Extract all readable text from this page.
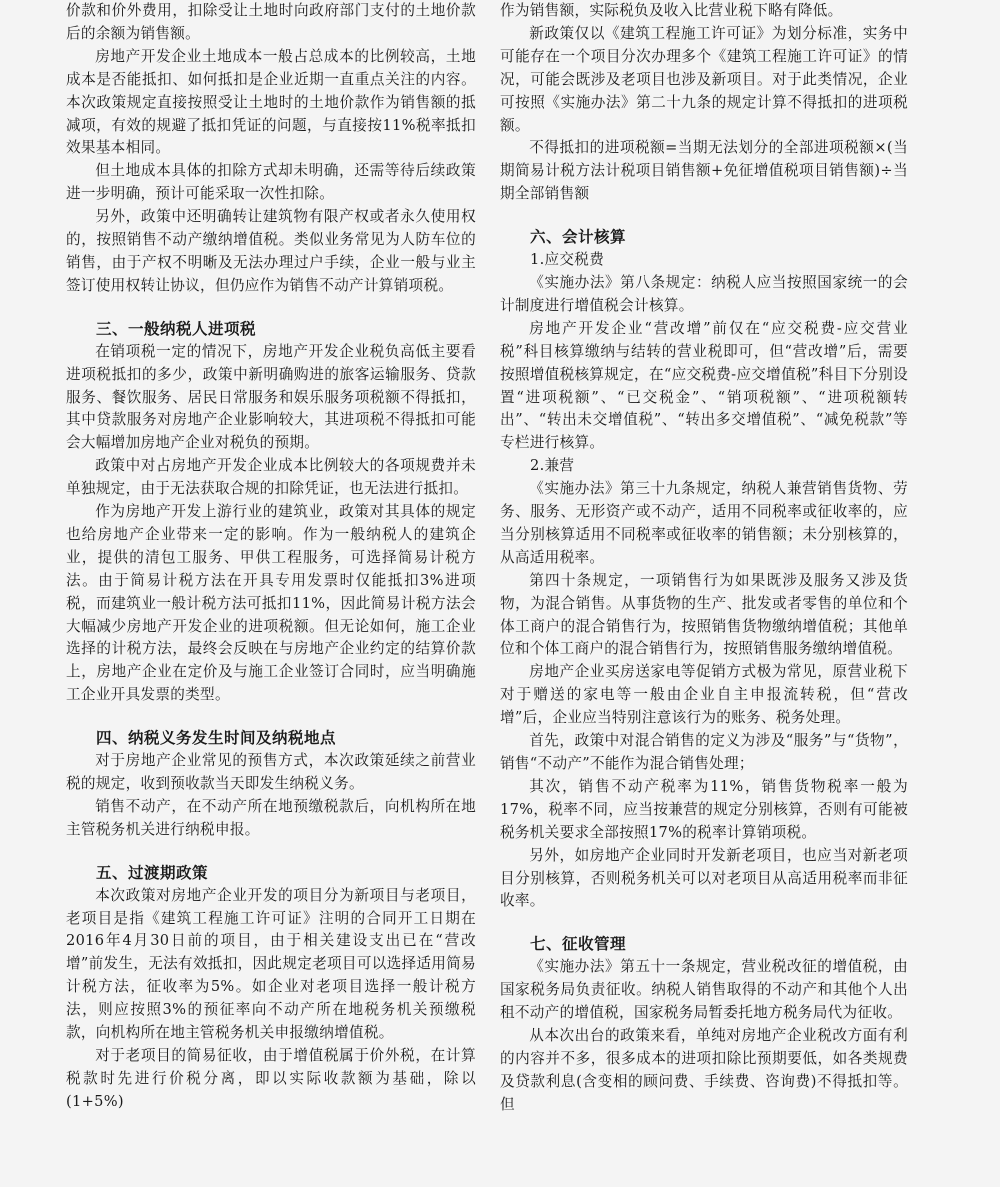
价款和价外费用，扣除受让土地时向政府部门支付的土地价款后的余额为销售额。

房地产开发企业土地成本一般占总成本的比例较高，土地成本是否能抵扣、如何抵扣是企业近期一直重点关注的内容。本次政策规定直接按照受让土地时的土地价款作为销售额的抵减项，有效的规避了抵扣凭证的问题，与直接按11%税率抵扣效果基本相同。

但土地成本具体的扣除方式却未明确，还需等待后续政策进一步明确，预计可能采取一次性扣除。

另外，政策中还明确转让建筑物有限产权或者永久使用权的，按照销售不动产缴纳增值税。类似业务常见为人防车位的销售，由于产权不明晰及无法办理过户手续，企业一般与业主签订使用权转让协议，但仍应作为销售不动产计算销项税。

三、一般纳税人进项税

在销项税一定的情况下，房地产开发企业税负高低主要看进项税抵扣的多少，政策中新明确购进的旅客运输服务、贷款服务、餐饮服务、居民日常服务和娱乐服务项税额不得抵扣，其中贷款服务对房地产企业影响较大，其进项税不得抵扣可能会大幅增加房地产企业对税负的预期。

政策中对占房地产开发企业成本比例较大的各项规费并未单独规定，由于无法获取合规的扣除凭证，也无法进行抵扣。

作为房地产开发上游行业的建筑业，政策对其具体的规定也给房地产企业带来一定的影响。作为一般纳税人的建筑企业，提供的清包工服务、甲供工程服务，可选择简易计税方法。由于简易计税方法在开具专用发票时仅能抵扣3%进项税，而建筑业一般计税方法可抵扣11%，因此简易计税方法会大幅减少房地产开发企业的进项税额。但无论如何，施工企业选择的计税方法，最终会反映在与房地产企业约定的结算价款上，房地产企业在定价及与施工企业签订合同时，应当明确施工企业开具发票的类型。

四、纳税义务发生时间及纳税地点

对于房地产企业常见的预售方式，本次政策延续之前营业税的规定，收到预收款当天即发生纳税义务。

销售不动产，在不动产所在地预缴税款后，向机构所在地主管税务机关进行纳税申报。

五、过渡期政策

本次政策对房地产企业开发的项目分为新项目与老项目，老项目是指《建筑工程施工许可证》注明的合同开工日期在2016年4月30日前的项目，由于相关建设支出已在“营改增”前发生，无法有效抵扣，因此规定老项目可以选择适用简易计税方法，征收率为5%。如企业对老项目选择一般计税方法，则应按照3%的预征率向不动产所在地税务机关预缴税款，向机构所在地主管税务机关申报缴纳增值税。

对于老项目的简易征收，由于增值税属于价外税，在计算税款时先进行价税分离，即以实际收款额为基础，除以(1+5%)

作为销售额，实际税负及收入比营业税下略有降低。

新政策仅以《建筑工程施工许可证》为划分标准，实务中可能存在一个项目分次办理多个《建筑工程施工许可证》的情况，可能会既涉及老项目也涉及新项目。对于此类情况，企业可按照《实施办法》第二十九条的规定计算不得抵扣的进项税额。

不得抵扣的进项税额=当期无法划分的全部进项税额×(当期简易计税方法计税项目销售额+免征增值税项目销售额)÷当期全部销售额

六、会计核算

1.应交税费

《实施办法》第八条规定：纳税人应当按照国家统一的会计制度进行增值税会计核算。

房地产开发企业“营改增”前仅在“应交税费-应交营业税”科目核算缴纳与结转的营业税即可，但“营改增”后，需要按照增值税核算规定，在“应交税费-应交增值税”科目下分别设置“进项税额”、“已交税金”、“销项税额”、“进项税额转出”、“转出未交增值税”、“转出多交增值税”、“减免税款”等专栏进行核算。

2.兼营

《实施办法》第三十九条规定，纳税人兼营销售货物、劳务、服务、无形资产或不动产，适用不同税率或征收率的，应当分别核算适用不同税率或征收率的销售额；未分别核算的，从高适用税率。

第四十条规定，一项销售行为如果既涉及服务又涉及货物，为混合销售。从事货物的生产、批发或者零售的单位和个体工商户的混合销售行为，按照销售货物缴纳增值税；其他单位和个体工商户的混合销售行为，按照销售服务缴纳增值税。

房地产企业买房送家电等促销方式极为常见，原营业税下对于赠送的家电等一般由企业自主申报流转税，但“营改增”后，企业应当特别注意该行为的账务、税务处理。

首先，政策中对混合销售的定义为涉及“服务”与“货物”，销售“不动产”不能作为混合销售处理；

其次，销售不动产税率为11%，销售货物税率一般为17%，税率不同，应当按兼营的规定分别核算，否则有可能被税务机关要求全部按照17%的税率计算销项税。

另外，如房地产企业同时开发新老项目，也应当对新老项目分别核算，否则税务机关可以对老项目从高适用税率而非征收率。

七、征收管理

《实施办法》第五十一条规定，营业税改征的增值税，由国家税务局负责征收。纳税人销售取得的不动产和其他个人出租不动产的增值税，国家税务局暂委托地方税务局代为征收。

从本次出台的政策来看，单纯对房地产企业税改方面有利的内容并不多，很多成本的进项扣除比预期要低，如各类规费及贷款利息(含变相的顾问费、手续费、咨询费)不得抵扣等。但
